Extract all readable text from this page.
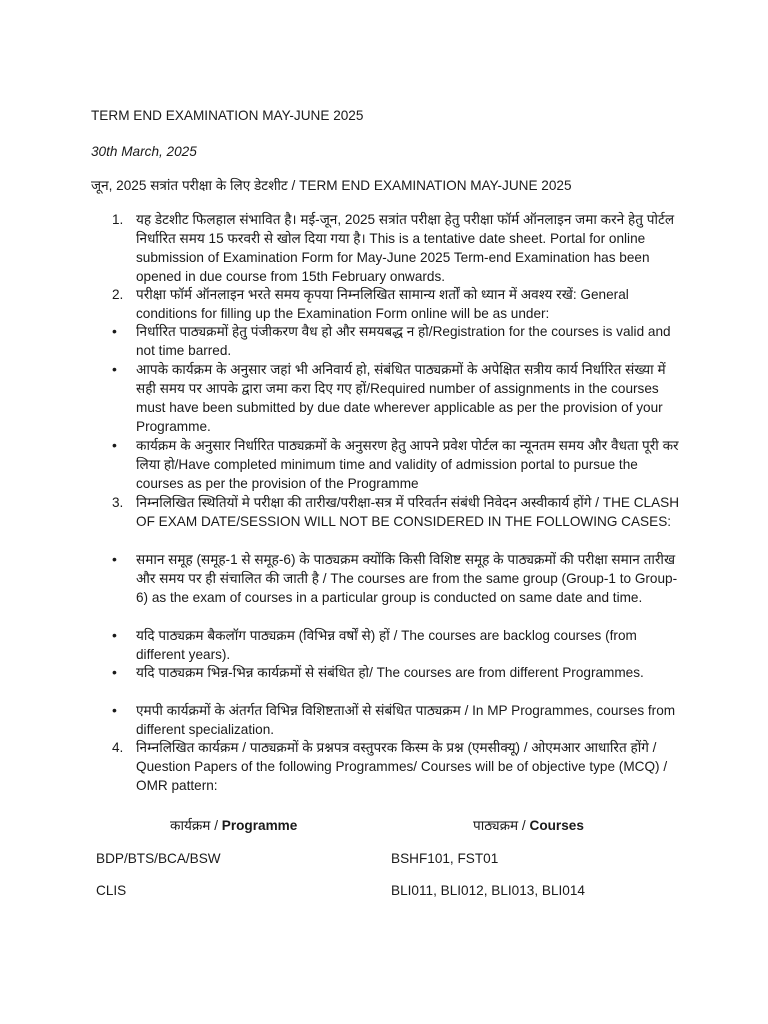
TERM END EXAMINATION MAY-JUNE 2025
30th March, 2025
जून, 2025 सत्रांत परीक्षा के लिए डेटशीट / TERM END EXAMINATION MAY-JUNE 2025
1. यह डेटशीट फिलहाल संभावित है। मई-जून, 2025 सत्रांत परीक्षा हेतु परीक्षा फॉर्म ऑनलाइन जमा करने हेतु पोर्टल निर्धारित समय 15 फरवरी से खोल दिया गया है। This is a tentative date sheet. Portal for online submission of Examination Form for May-June 2025 Term-end Examination has been opened in due course from 15th February onwards.
2. परीक्षा फॉर्म ऑनलाइन भरते समय कृपया निम्नलिखित सामान्य शर्तों को ध्यान में अवश्य रखें: General conditions for filling up the Examination Form online will be as under:
• निर्धारित पाठ्यक्रमों हेतु पंजीकरण वैध हो और समयबद्ध न हो/Registration for the courses is valid and not time barred.
• आपके कार्यक्रम के अनुसार जहां भी अनिवार्य हो, संबंधित पाठ्यक्रमों के अपेक्षित सत्रीय कार्य निर्धारित संख्या में सही समय पर आपके द्वारा जमा करा दिए गए हों/Required number of assignments in the courses must have been submitted by due date wherever applicable as per the provision of your Programme.
• कार्यक्रम के अनुसार निर्धारित पाठ्यक्रमों के अनुसरण हेतु आपने प्रवेश पोर्टल का न्यूनतम समय और वैधता पूरी कर लिया हो/Have completed minimum time and validity of admission portal to pursue the courses as per the provision of the Programme
3. निम्नलिखित स्थितियों मे परीक्षा की तारीख/परीक्षा-सत्र में परिवर्तन संबंधी निवेदन अस्वीकार्य होंगे / THE CLASH OF EXAM DATE/SESSION WILL NOT BE CONSIDERED IN THE FOLLOWING CASES:
• समान समूह (समूह-1 से समूह-6) के पाठ्यक्रम क्योंकि किसी विशिष्ट समूह के पाठ्यक्रमों की परीक्षा समान तारीख और समय पर ही संचालित की जाती है / The courses are from the same group (Group-1 to Group-6) as the exam of courses in a particular group is conducted on same date and time.
• यदि पाठ्यक्रम बैकलॉग पाठ्यक्रम (विभिन्न वर्षों से) हों / The courses are backlog courses (from different years).
• यदि पाठ्यक्रम भिन्न-भिन्न कार्यक्रमों से संबंधित हो/ The courses are from different Programmes.
• एमपी कार्यक्रमों के अंतर्गत विभिन्न विशिष्टताओं से संबंधित पाठ्यक्रम / In MP Programmes, courses from different specialization.
4. निम्नलिखित कार्यक्रम / पाठ्यक्रमों के प्रश्नपत्र वस्तुपरक किस्म के प्रश्न (एमसीक्यू) / ओएमआर आधारित होंगे / Question Papers of the following Programmes/ Courses will be of objective type (MCQ) / OMR pattern:
कार्यक्रम / Programme	पाठ्यक्रम / Courses
BDP/BTS/BCA/BSW	BSHF101, FST01
CLIS	BLI011, BLI012, BLI013, BLI014
